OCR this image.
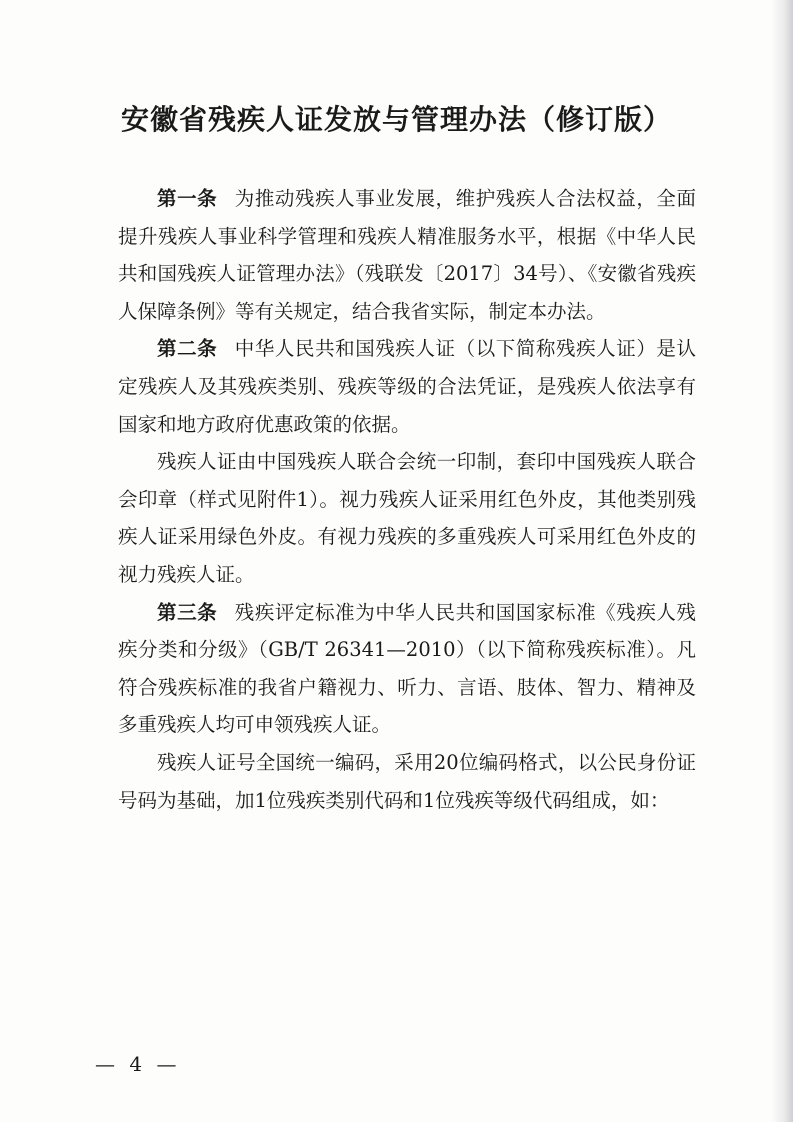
安徽省残疾人证发放与管理办法（修订版）

第一条 为推动残疾人事业发展，维护残疾人合法权益，全面提升残疾人事业科学管理和残疾人精准服务水平，根据《中华人民共和国残疾人证管理办法》（残联发〔2017〕34号）、《安徽省残疾人保障条例》等有关规定，结合我省实际，制定本办法。

第二条 中华人民共和国残疾人证（以下简称残疾人证）是认定残疾人及其残疾类别、残疾等级的合法凭证，是残疾人依法享有国家和地方政府优惠政策的依据。

残疾人证由中国残疾人联合会统一印制，套印中国残疾人联合会印章（样式见附件1）。视力残疾人证采用红色外皮，其他类别残疾人证采用绿色外皮。有视力残疾的多重残疾人可采用红色外皮的视力残疾人证。

第三条 残疾评定标准为中华人民共和国国家标准《残疾人残疾分类和分级》（GB/T 26341—2010）（以下简称残疾标准）。凡符合残疾标准的我省户籍视力、听力、言语、肢体、智力、精神及多重残疾人均可申领残疾人证。

残疾人证号全国统一编码，采用20位编码格式，以公民身份证号码为基础，加1位残疾类别代码和1位残疾等级代码组成，如：

— 4 —
